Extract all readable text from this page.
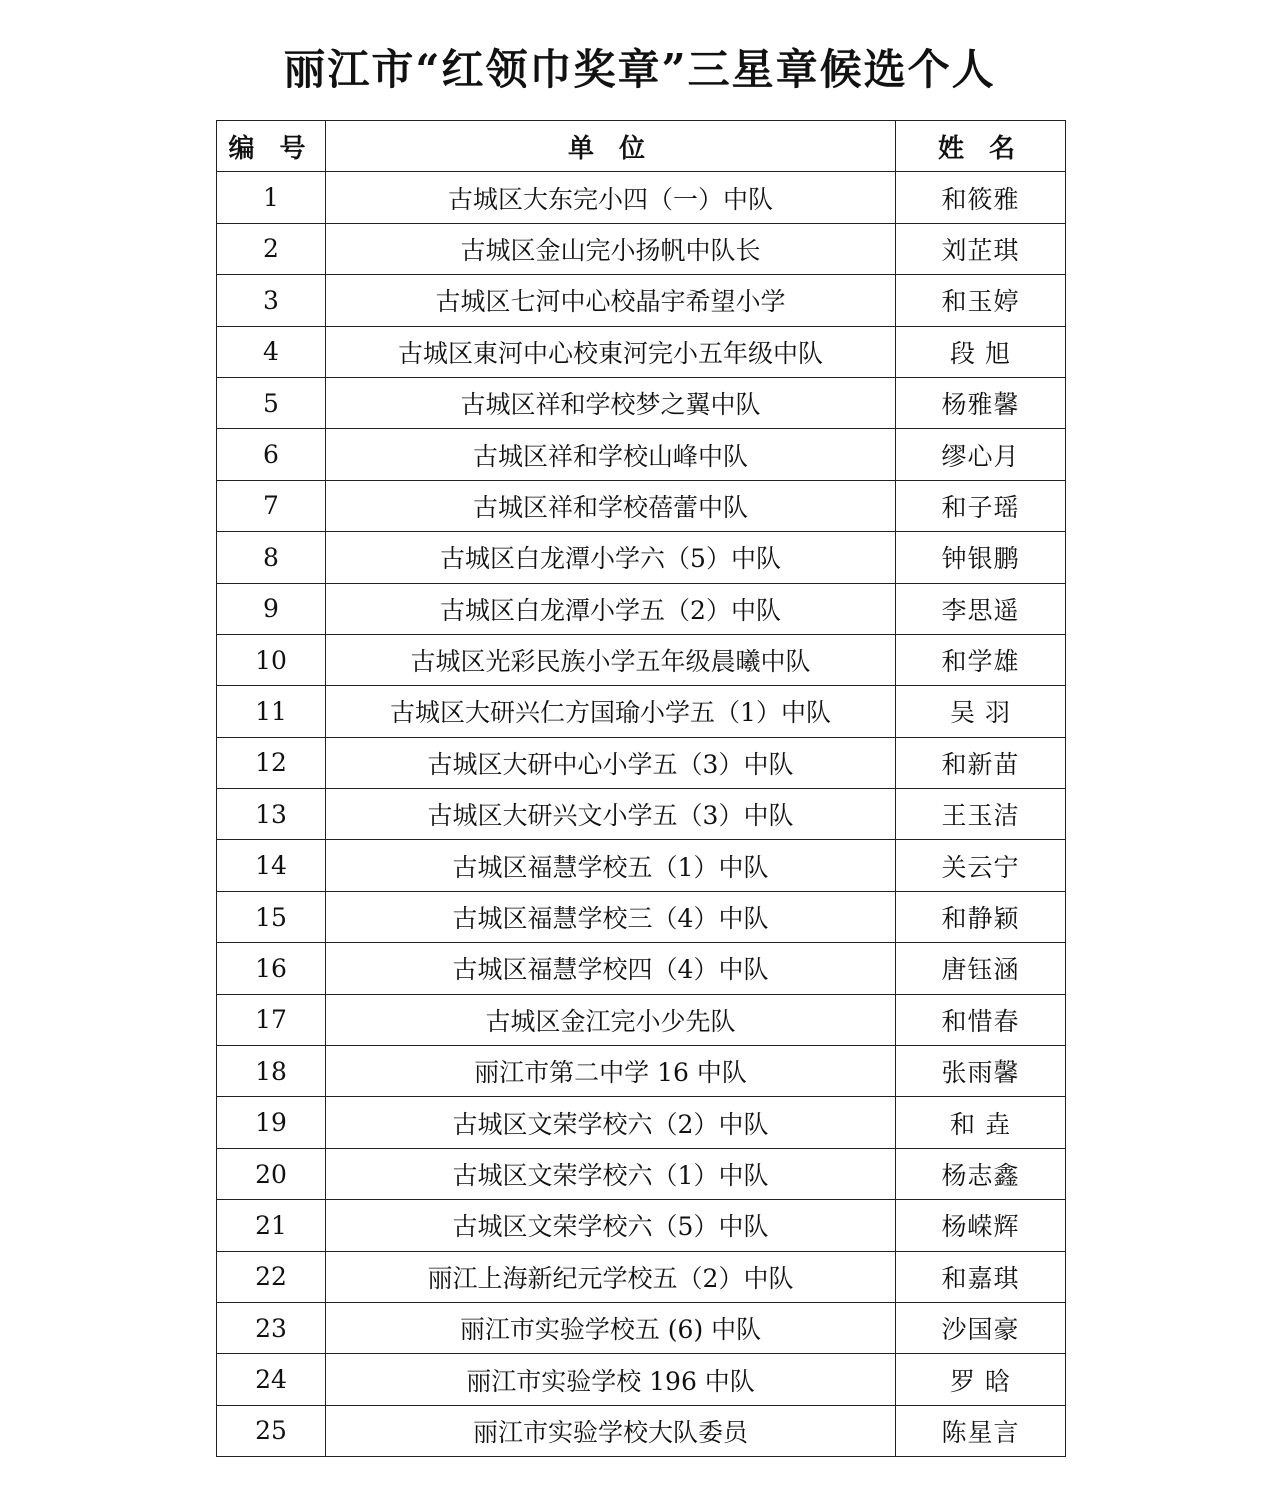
丽江市“红领巾奖章”三星章候选个人
编 号	单 位	姓 名
1	古城区大东完小四（一）中队	和筱雅
2	古城区金山完小扬帆中队长	刘芷琪
3	古城区七河中心校晶宇希望小学	和玉婷
4	古城区東河中心校東河完小五年级中队	段 旭
5	古城区祥和学校梦之翼中队	杨雅馨
6	古城区祥和学校山峰中队	缪心月
7	古城区祥和学校蓓蕾中队	和子瑶
8	古城区白龙潭小学六（5）中队	钟银鹏
9	古城区白龙潭小学五（2）中队	李思遥
10	古城区光彩民族小学五年级晨曦中队	和学雄
11	古城区大研兴仁方国瑜小学五（1）中队	吴 羽
12	古城区大研中心小学五（3）中队	和新苗
13	古城区大研兴文小学五（3）中队	王玉洁
14	古城区福慧学校五（1）中队	关云宁
15	古城区福慧学校三（4）中队	和静颖
16	古城区福慧学校四（4）中队	唐钰涵
17	古城区金江完小少先队	和惜春
18	丽江市第二中学 16 中队	张雨馨
19	古城区文荣学校六（2）中队	和 垚
20	古城区文荣学校六（1）中队	杨志鑫
21	古城区文荣学校六（5）中队	杨嵘辉
22	丽江上海新纪元学校五（2）中队	和嘉琪
23	丽江市实验学校五 (6) 中队	沙国豪
24	丽江市实验学校 196 中队	罗 晗
25	丽江市实验学校大队委员	陈星言
